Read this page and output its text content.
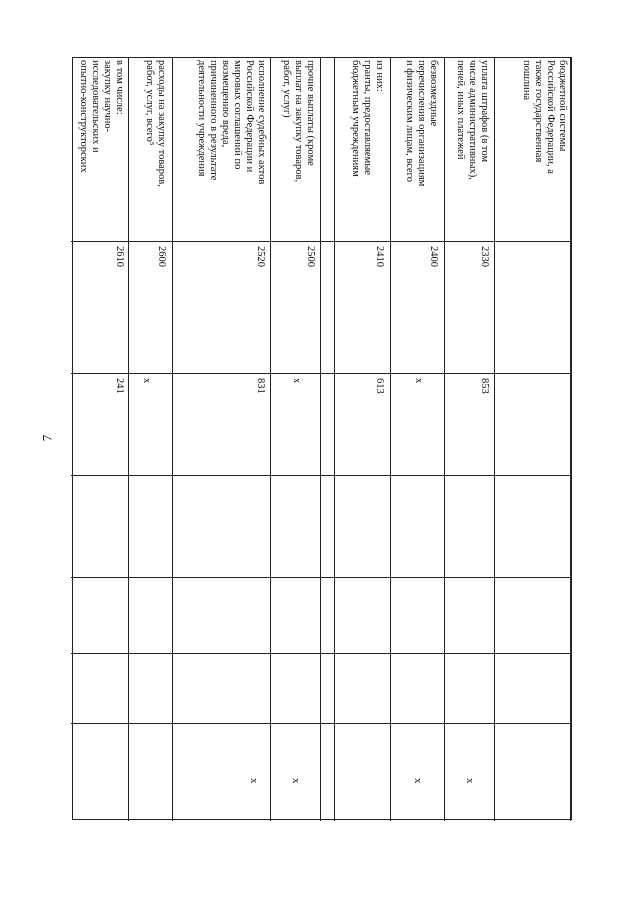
7
бюджетной системы
Российской Федерации, а
также государственная
пошлина
уплата штрафов (в том
числе административных),
пеней, иных платежей
2330
853
x
безвозмездные
перечисления организациям
и физическим лицам, всего
2400
x
x
из них:
гранты, предоставляемые
бюджетным учреждениям
2410
613
прочие выплаты (кроме
выплат на закупку товаров,
работ, услуг)
2500
x
x
исполнение судебных актов
Российской Федерации и
мировых соглашений по
возмещению вреда,
причиненного в результате
деятельности учреждения
2520
831
x
расходы на закупку товаров,
работ, услуг, всего⁵
2600
x
в том числе:
закупку научно-
исследовательских и
опытно-конструкторских
2610
241
